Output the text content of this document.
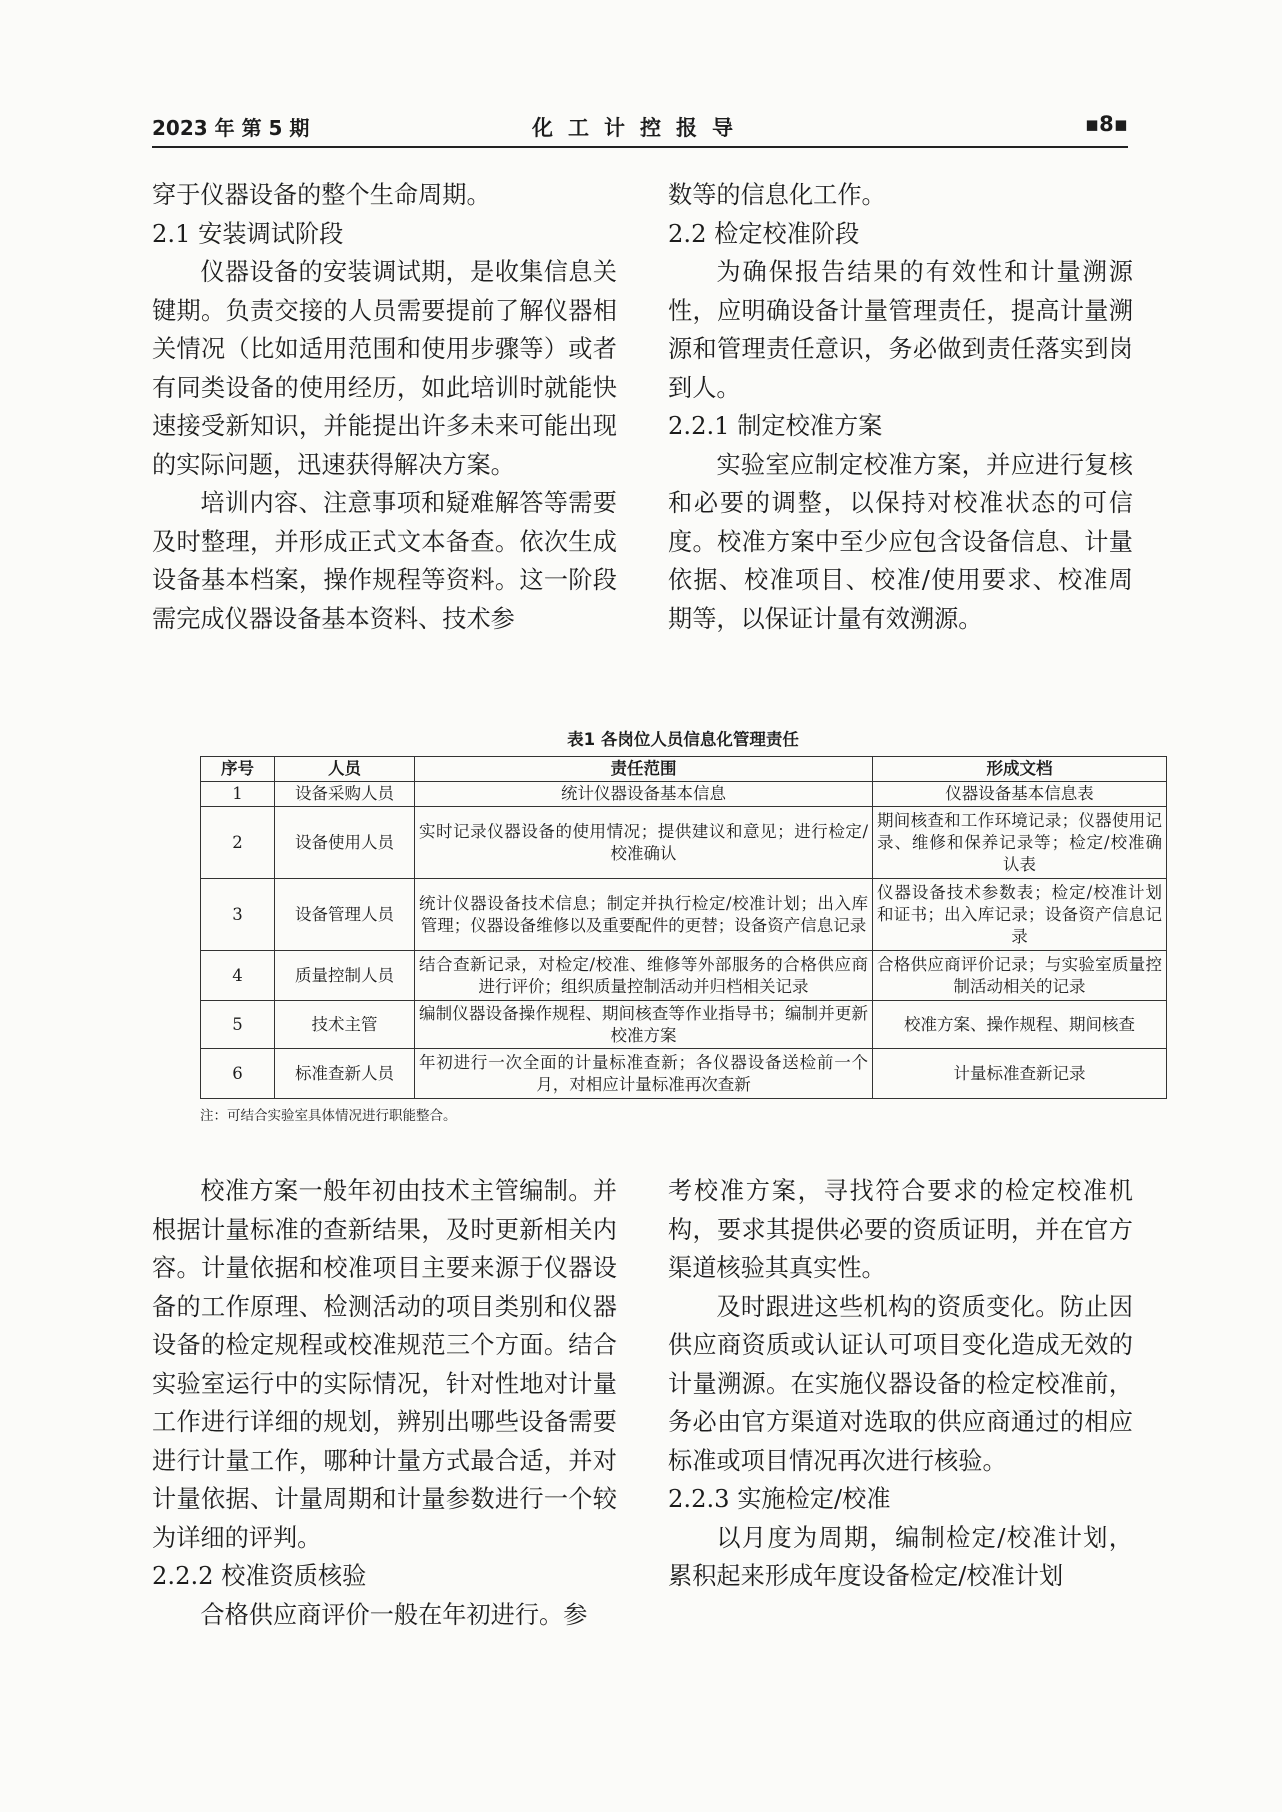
2023 年 第 5 期	化工计控报导	▪8▪

穿于仪器设备的整个生命周期。

2.1 安装调试阶段

仪器设备的安装调试期，是收集信息关键期。负责交接的人员需要提前了解仪器相关情况（比如适用范围和使用步骤等）或者有同类设备的使用经历，如此培训时就能快速接受新知识，并能提出许多未来可能出现的实际问题，迅速获得解决方案。

培训内容、注意事项和疑难解答等需要及时整理，并形成正式文本备查。依次生成设备基本档案，操作规程等资料。这一阶段需完成仪器设备基本资料、技术参

数等的信息化工作。

2.2 检定校准阶段

为确保报告结果的有效性和计量溯源性，应明确设备计量管理责任，提高计量溯源和管理责任意识，务必做到责任落实到岗到人。

2.2.1 制定校准方案

实验室应制定校准方案，并应进行复核和必要的调整，以保持对校准状态的可信度。校准方案中至少应包含设备信息、计量依据、校准项目、校准/使用要求、校准周期等，以保证计量有效溯源。

表1 各岗位人员信息化管理责任
序号	人员	责任范围	形成文档
1	设备采购人员	统计仪器设备基本信息	仪器设备基本信息表
2	设备使用人员	实时记录仪器设备的使用情况；提供建议和意见；进行检定/校准确认	期间核查和工作环境记录；仪器使用记录、维修和保养记录等；检定/校准确认表
3	设备管理人员	统计仪器设备技术信息；制定并执行检定/校准计划；出入库管理；仪器设备维修以及重要配件的更替；设备资产信息记录	仪器设备技术参数表；检定/校准计划和证书；出入库记录；设备资产信息记录
4	质量控制人员	结合查新记录，对检定/校准、维修等外部服务的合格供应商进行评价；组织质量控制活动并归档相关记录	合格供应商评价记录；与实验室质量控制活动相关的记录
5	技术主管	编制仪器设备操作规程、期间核查等作业指导书；编制并更新校准方案	校准方案、操作规程、期间核查
6	标准查新人员	年初进行一次全面的计量标准查新；各仪器设备送检前一个月，对相应计量标准再次查新	计量标准查新记录
注：可结合实验室具体情况进行职能整合。

校准方案一般年初由技术主管编制。并根据计量标准的查新结果，及时更新相关内容。计量依据和校准项目主要来源于仪器设备的工作原理、检测活动的项目类别和仪器设备的检定规程或校准规范三个方面。结合实验室运行中的实际情况，针对性地对计量工作进行详细的规划，辨别出哪些设备需要进行计量工作，哪种计量方式最合适，并对计量依据、计量周期和计量参数进行一个较为详细的评判。

2.2.2 校准资质核验

合格供应商评价一般在年初进行。参

考校准方案，寻找符合要求的检定校准机构，要求其提供必要的资质证明，并在官方渠道核验其真实性。

及时跟进这些机构的资质变化。防止因供应商资质或认证认可项目变化造成无效的计量溯源。在实施仪器设备的检定校准前，务必由官方渠道对选取的供应商通过的相应标准或项目情况再次进行核验。

2.2.3 实施检定/校准

以月度为周期，编制检定/校准计划，累积起来形成年度设备检定/校准计划
